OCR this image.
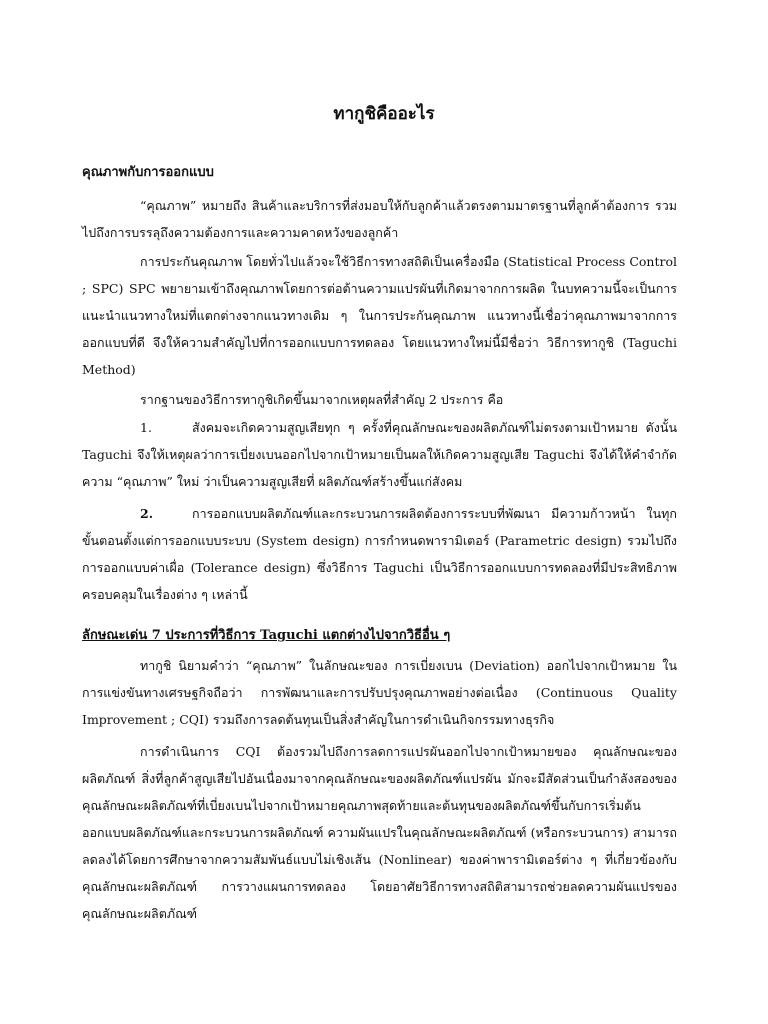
ทากูชิคืออะไร
คุณภาพกับการออกแบบ
“คุณภาพ” หมายถึง สินค้าและบริการที่ส่งมอบให้กับลูกค้าแล้วตรงตามมาตรฐานที่ลูกค้าต้องการ รวมไปถึงการบรรลุถึงความต้องการและความคาดหวังของลูกค้า
การประกันคุณภาพ โดยทั่วไปแล้วจะใช้วิธีการทางสถิติเป็นเครื่องมือ (Statistical Process Control ; SPC) SPC พยายามเข้าถึงคุณภาพโดยการต่อต้านความแปรผันที่เกิดมาจากการผลิต ในบทความนี้จะเป็นการแนะนำแนวทางใหม่ที่แตกต่างจากแนวทางเดิม ๆ ในการประกันคุณภาพ แนวทางนี้เชื่อว่าคุณภาพมาจากการออกแบบที่ดี จึงให้ความสำคัญไปที่การออกแบบการทดลอง โดยแนวทางใหม่นี้มีชื่อว่า วิธีการทากูชิ (Taguchi Method)
รากฐานของวิธีการทากูชิเกิดขึ้นมาจากเหตุผลที่สำคัญ 2 ประการ คือ
1.	สังคมจะเกิดความสูญเสียทุก ๆ ครั้งที่คุณลักษณะของผลิตภัณฑ์ไม่ตรงตามเป้าหมาย ดังนั้น Taguchi จึงให้เหตุผลว่าการเบี่ยงเบนออกไปจากเป้าหมายเป็นผลให้เกิดความสูญเสีย Taguchi จึงได้ให้คำจำกัดความ “คุณภาพ” ใหม่ ว่าเป็นความสูญเสียที่ ผลิตภัณฑ์สร้างขึ้นแก่สังคม
2.	การออกแบบผลิตภัณฑ์และกระบวนการผลิตต้องการระบบที่พัฒนา มีความก้าวหน้า ในทุกขั้นตอนตั้งแต่การออกแบบระบบ (System design) การกำหนดพารามิเตอร์ (Parametric design) รวมไปถึงการออกแบบค่าเผื่อ (Tolerance design) ซึ่งวิธีการ Taguchi เป็นวิธีการออกแบบการทดลองที่มีประสิทธิภาพ ครอบคลุมในเรื่องต่าง ๆ เหล่านี้
ลักษณะเด่น 7 ประการที่วิธีการ Taguchi แตกต่างไปจากวิธีอื่น ๆ
ทากูชิ นิยามคำว่า “คุณภาพ” ในลักษณะของ การเบี่ยงเบน (Deviation) ออกไปจากเป้าหมาย ในการแข่งขันทางเศรษฐกิจถือว่า การพัฒนาและการปรับปรุงคุณภาพอย่างต่อเนื่อง (Continuous Quality Improvement ; CQI) รวมถึงการลดต้นทุนเป็นสิ่งสำคัญในการดำเนินกิจกรรมทางธุรกิจ
การดำเนินการ CQI ต้องรวมไปถึงการลดการแปรผันออกไปจากเป้าหมายของ คุณลักษณะของผลิตภัณฑ์ สิ่งที่ลูกค้าสูญเสียไปอันเนื่องมาจากคุณลักษณะของผลิตภัณฑ์แปรผัน มักจะมีสัดส่วนเป็นกำลังสองของคุณลักษณะผลิตภัณฑ์ที่เบี่ยงเบนไปจากเป้าหมายคุณภาพสุดท้ายและต้นทุนของผลิตภัณฑ์ขึ้นกับการเริ่มต้นออกแบบผลิตภัณฑ์และกระบวนการผลิตภัณฑ์ ความผันแปรในคุณลักษณะผลิตภัณฑ์ (หรือกระบวนการ) สามารถลดลงได้โดยการศึกษาจากความสัมพันธ์แบบไม่เชิงเส้น (Nonlinear) ของค่าพารามิเตอร์ต่าง ๆ ที่เกี่ยวข้องกับคุณลักษณะผลิตภัณฑ์ การวางแผนการทดลอง โดยอาศัยวิธีการทางสถิติสามารถช่วยลดความผันแปรของคุณลักษณะผลิตภัณฑ์
